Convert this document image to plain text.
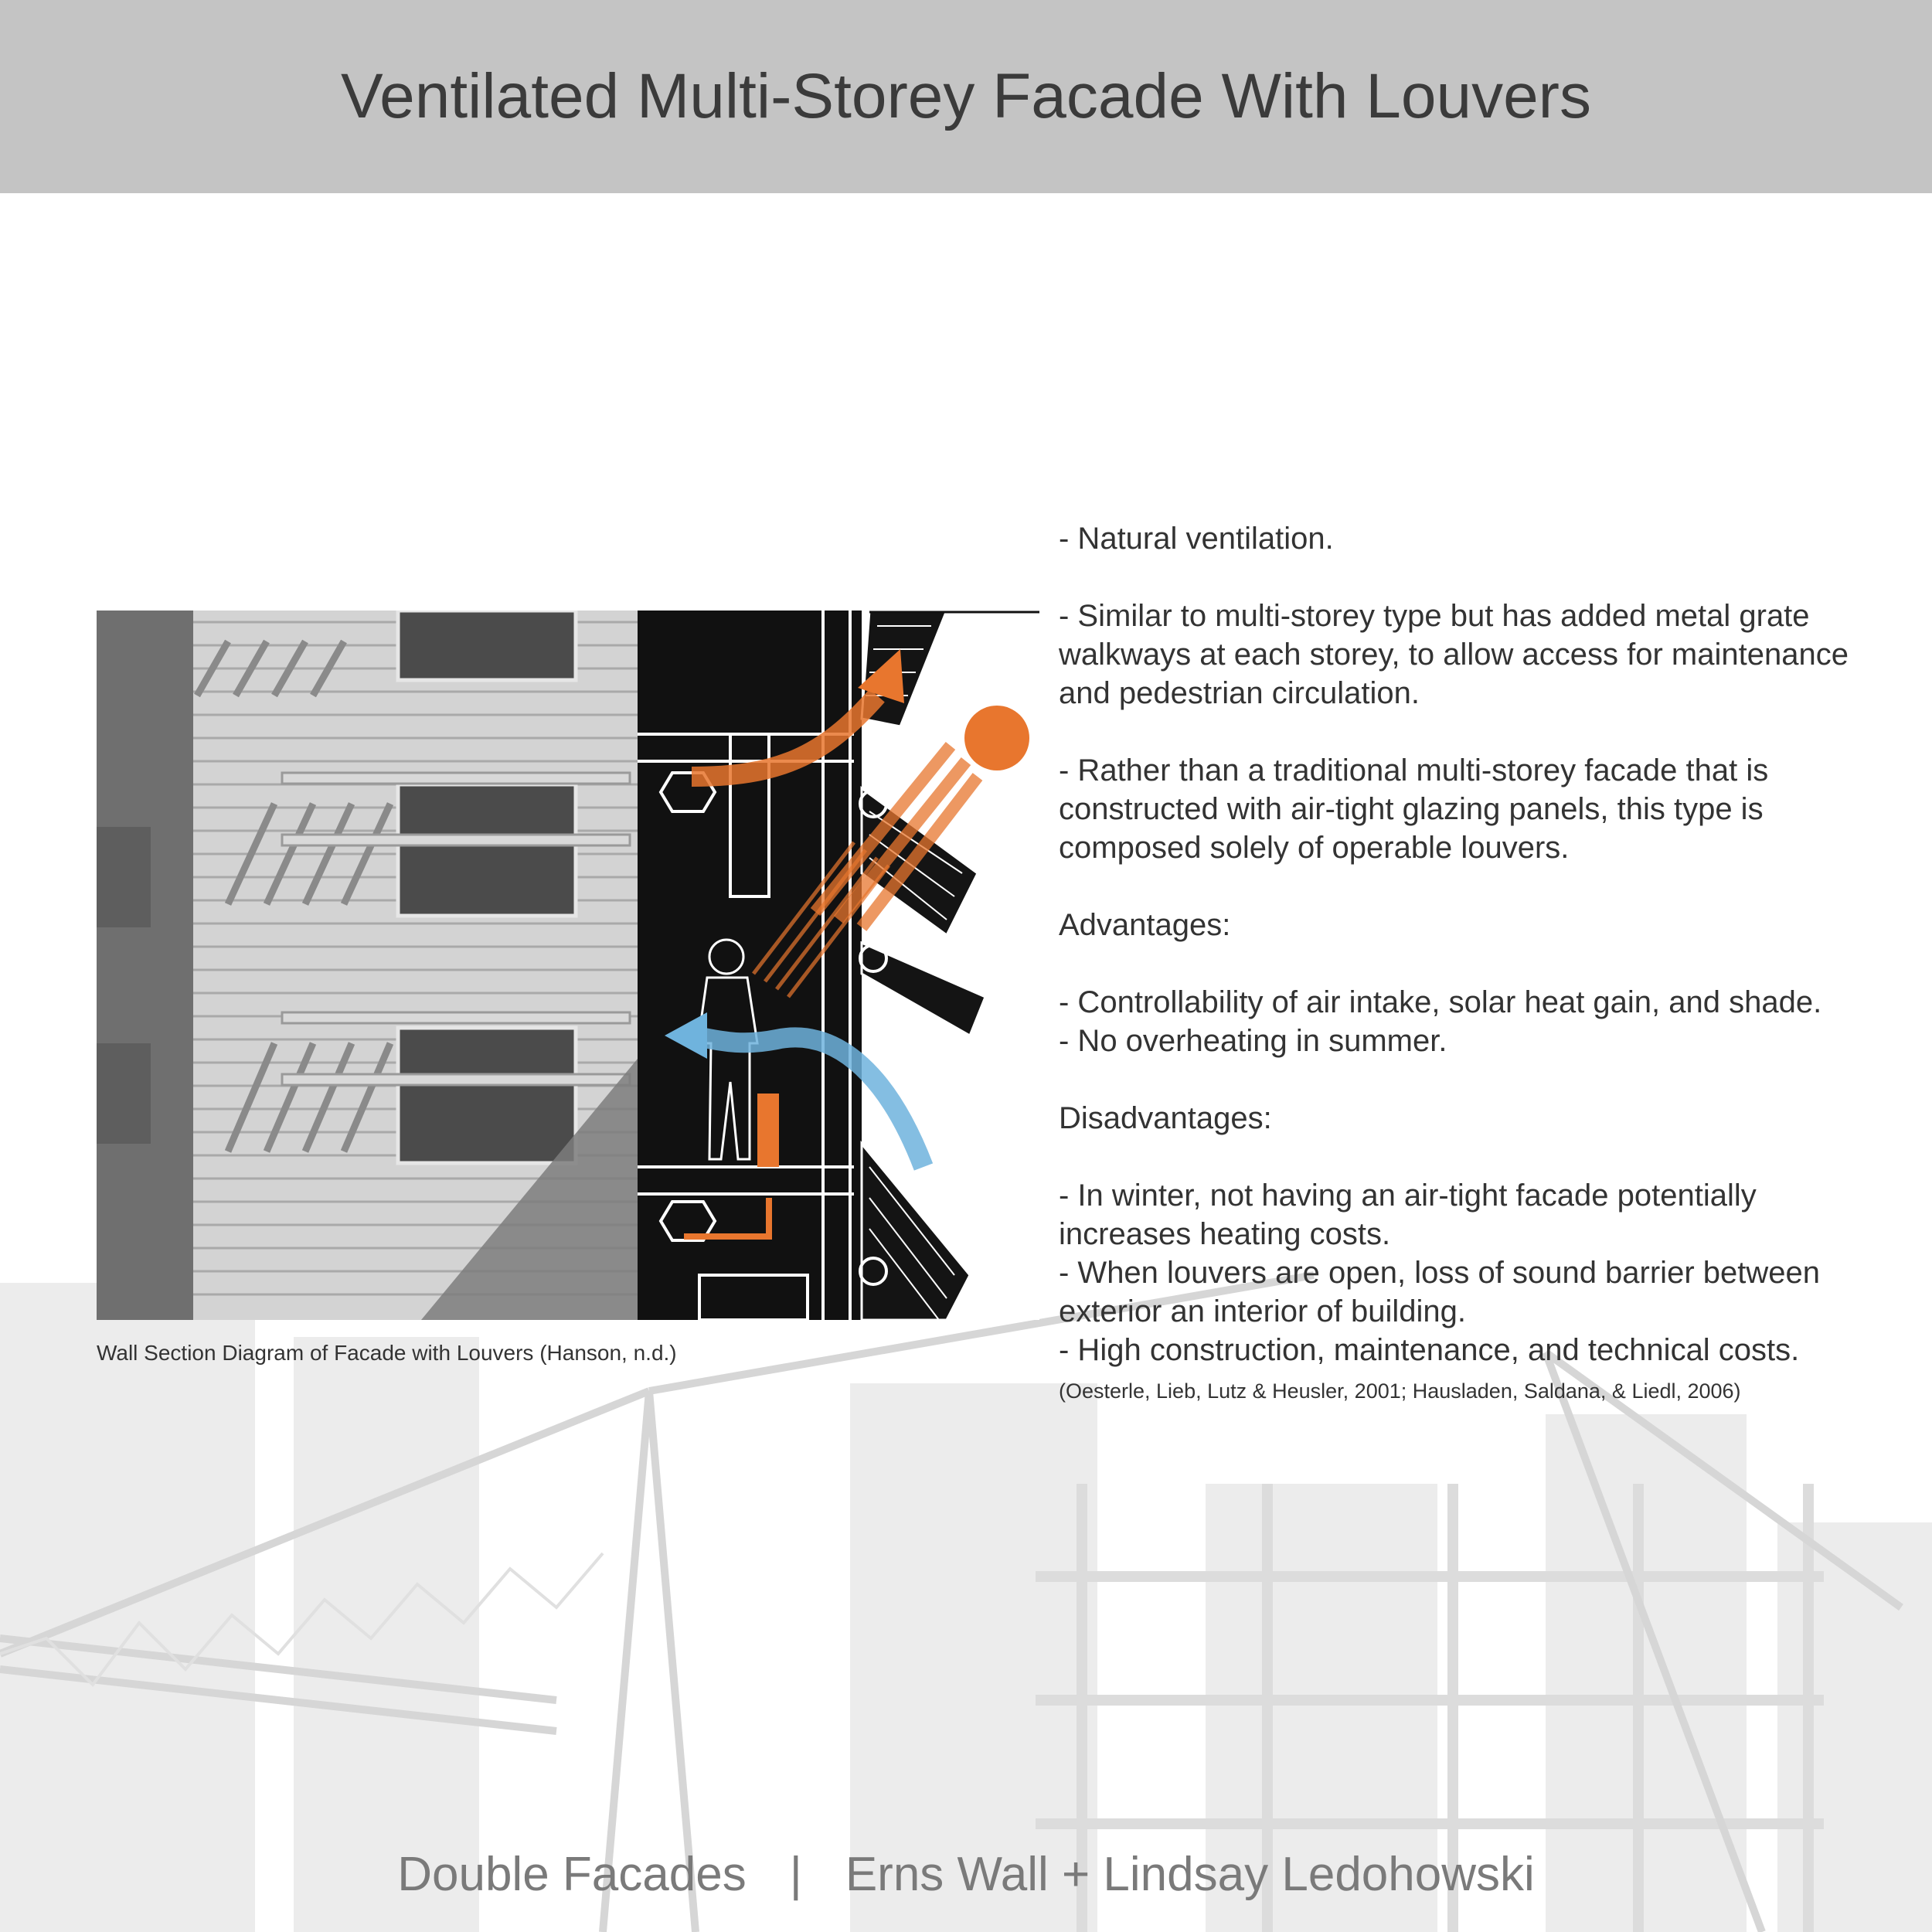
Ventilated Multi-Storey Facade With Louvers
Wall Section Diagram of Facade with Louvers (Hanson, n.d.)

- Natural ventilation.

- Similar to multi-storey type but has added metal grate walkways at each storey, to allow access for maintenance and pedestrian circulation.

- Rather than a traditional multi-storey facade that is constructed with air-tight glazing panels, this type is composed solely of operable louvers.

Advantages:

- Controllability of air intake, solar heat gain, and shade.

- No overheating in summer.

Disadvantages:

- In winter, not having an air-tight facade potentially increases heating costs.

- When louvers are open, loss of sound barrier between exterior an interior of building.

- High construction, maintenance, and technical costs.

(Oesterle, Lieb, Lutz & Heusler, 2001; Hausladen, Saldana, & Liedl, 2006)

Double Facades | Erns Wall + Lindsay Ledohowski
